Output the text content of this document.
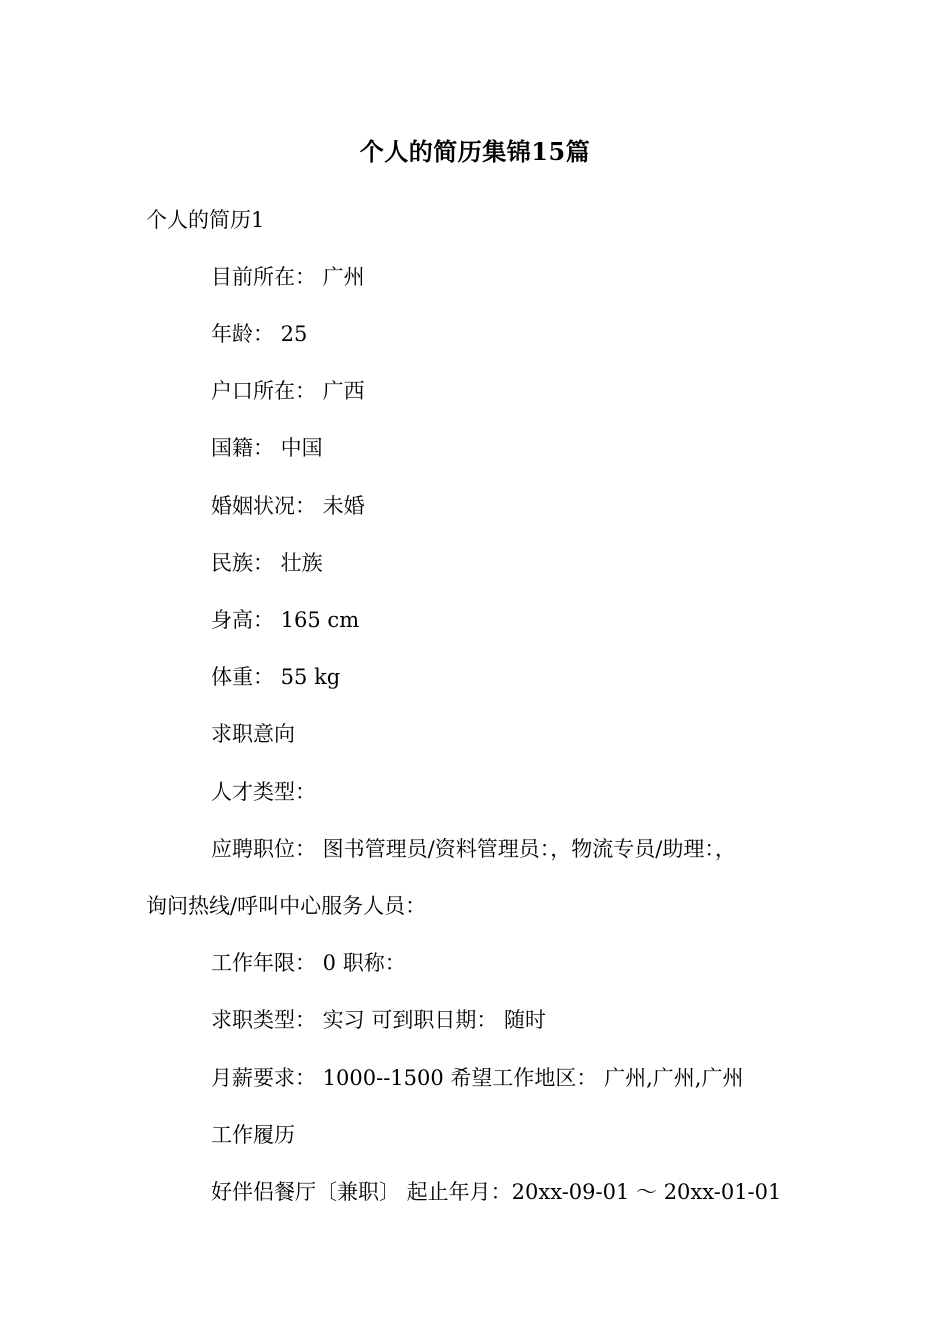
个人的简历集锦15篇
个人的简历1
目前所在： 广州
年龄： 25
户口所在： 广西
国籍： 中国
婚姻状况： 未婚
民族： 壮族
身高： 165 cm
体重： 55 kg
求职意向
人才类型：
应聘职位： 图书管理员/资料管理员：，物流专员/助理：，
询问热线/呼叫中心服务人员：
工作年限： 0 职称：
求职类型： 实习 可到职日期： 随时
月薪要求： 1000--1500 希望工作地区： 广州,广州,广州
工作履历
好伴侣餐厅〔兼职〕 起止年月：20xx-09-01 ～ 20xx-01-01
